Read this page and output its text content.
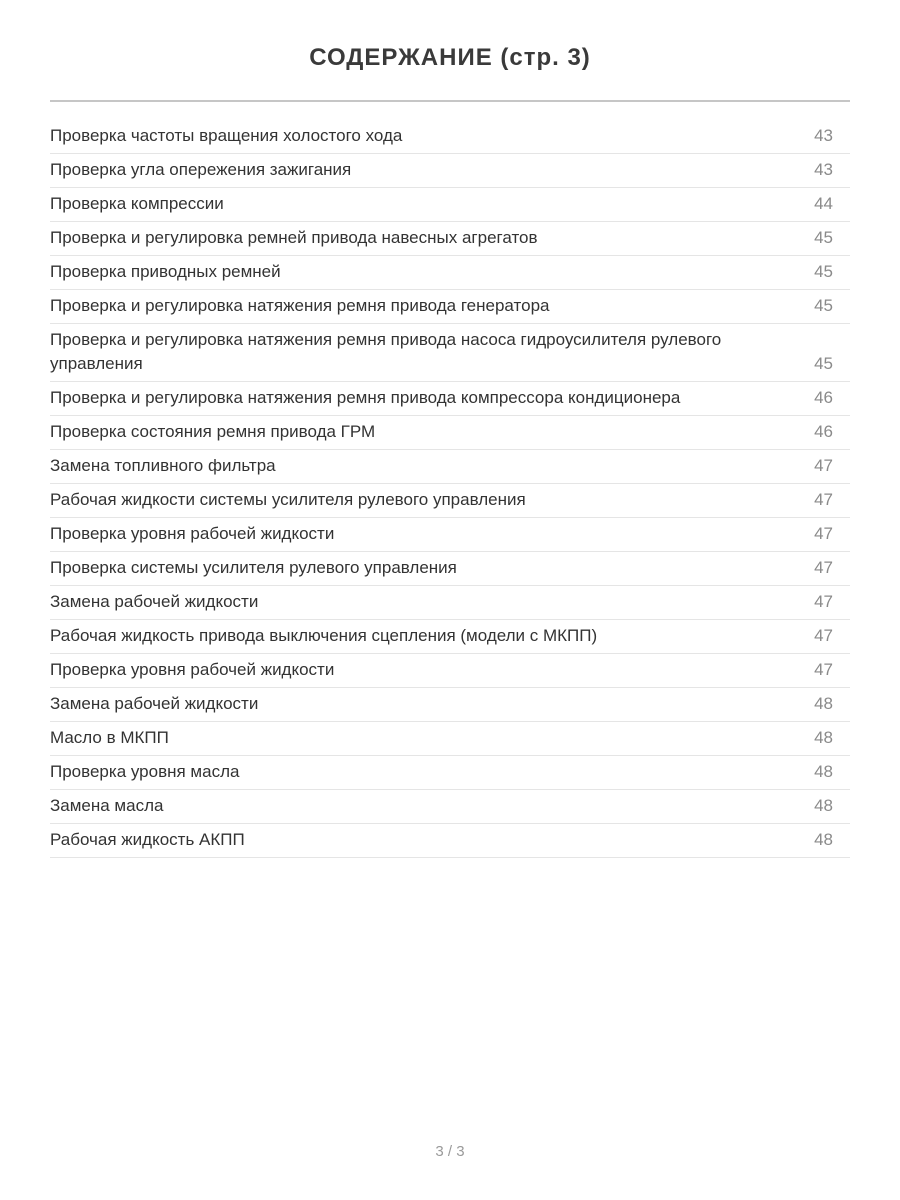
СОДЕРЖАНИЕ (стр. 3)
Проверка частоты вращения холостого хода	43
Проверка угла опережения зажигания	43
Проверка компрессии	44
Проверка и регулировка ремней привода навесных агрегатов	45
Проверка приводных ремней	45
Проверка и регулировка натяжения ремня привода генератора	45
Проверка и регулировка натяжения ремня привода насоса гидроусилителя рулевого управления	45
Проверка и регулировка натяжения ремня привода компрессора кондиционера	46
Проверка состояния ремня привода ГРМ	46
Замена топливного фильтра	47
Рабочая жидкости системы усилителя рулевого управления	47
Проверка уровня рабочей жидкости	47
Проверка системы усилителя рулевого управления	47
Замена рабочей жидкости	47
Рабочая жидкость привода выключения сцепления (модели с МКПП)	47
Проверка уровня рабочей жидкости	47
Замена рабочей жидкости	48
Масло в МКПП	48
Проверка уровня масла	48
Замена масла	48
Рабочая жидкость АКПП	48
3 / 3
